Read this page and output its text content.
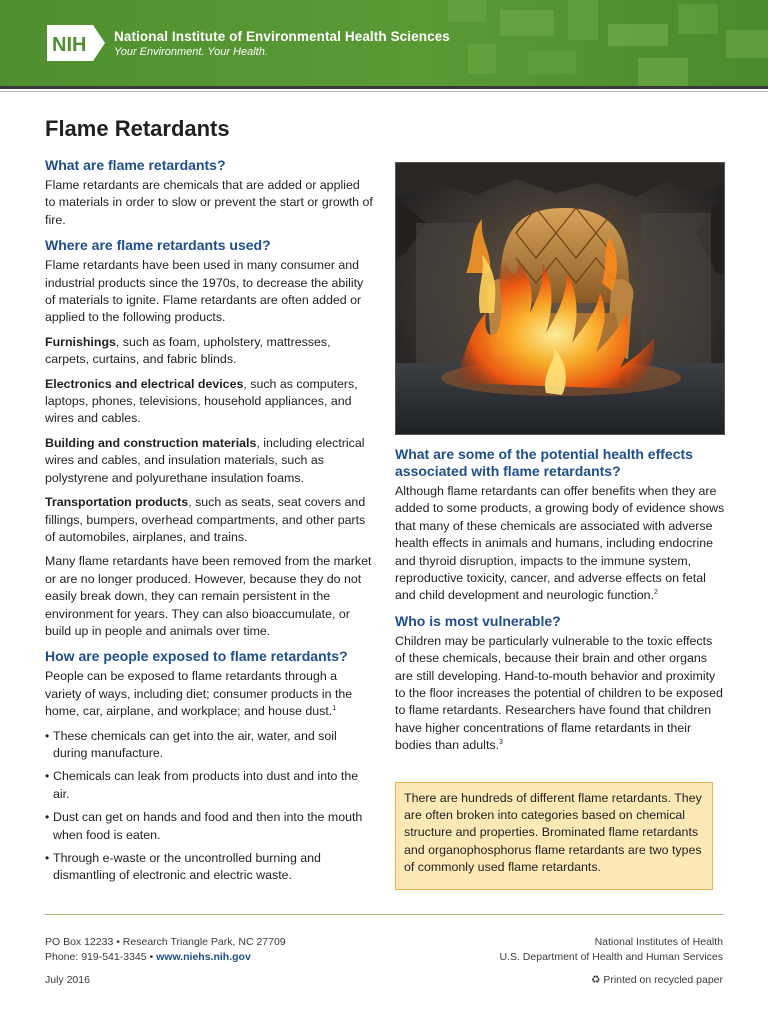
NIH National Institute of Environmental Health Sciences
Your Environment. Your Health.
Flame Retardants
What are flame retardants?

Flame retardants are chemicals that are added or applied to materials in order to slow or prevent the start or growth of fire.

Where are flame retardants used?

Flame retardants have been used in many consumer and industrial products since the 1970s, to decrease the ability of materials to ignite. Flame retardants are often added or applied to the following products.

Furnishings, such as foam, upholstery, mattresses, carpets, curtains, and fabric blinds.

Electronics and electrical devices, such as computers, laptops, phones, televisions, household appliances, and wires and cables.

Building and construction materials, including electrical wires and cables, and insulation materials, such as polystyrene and polyurethane insulation foams.

Transportation products, such as seats, seat covers and fillings, bumpers, overhead compartments, and other parts of automobiles, airplanes, and trains.

Many flame retardants have been removed from the market or are no longer produced. However, because they do not easily break down, they can remain persistent in the environment for years. They can also bioaccumulate, or build up in people and animals over time.

How are people exposed to flame retardants?

People can be exposed to flame retardants through a variety of ways, including diet; consumer products in the home, car, airplane, and workplace; and house dust.$^1$

• These chemicals can get into the air, water, and soil during manufacture.
• Chemicals can leak from products into dust and into the air.
• Dust can get on hands and food and then into the mouth when food is eaten.
• Through e-waste or the uncontrolled burning and dismantling of electronic and electric waste.
What are some of the potential health effects associated with flame retardants?

Although flame retardants can offer benefits when they are added to some products, a growing body of evidence shows that many of these chemicals are associated with adverse health effects in animals and humans, including endocrine and thyroid disruption, impacts to the immune system, reproductive toxicity, cancer, and adverse effects on fetal and child development and neurologic function.$^2$

Who is most vulnerable?

Children may be particularly vulnerable to the toxic effects of these chemicals, because their brain and other organs are still developing. Hand-to-mouth behavior and proximity to the floor increases the potential of children to be exposed to flame retardants. Researchers have found that children have higher concentrations of flame retardants in their bodies than adults.$^3$

There are hundreds of different flame retardants. They are often broken into categories based on chemical structure and properties. Brominated flame retardants and organophosphorus flame retardants are two types of commonly used flame retardants.

PO Box 12233 • Research Triangle Park, NC 27709
Phone: 919-541-3345 • www.niehs.nih.gov
July 2016
National Institutes of Health
U.S. Department of Health and Human Services
♻ Printed on recycled paper
